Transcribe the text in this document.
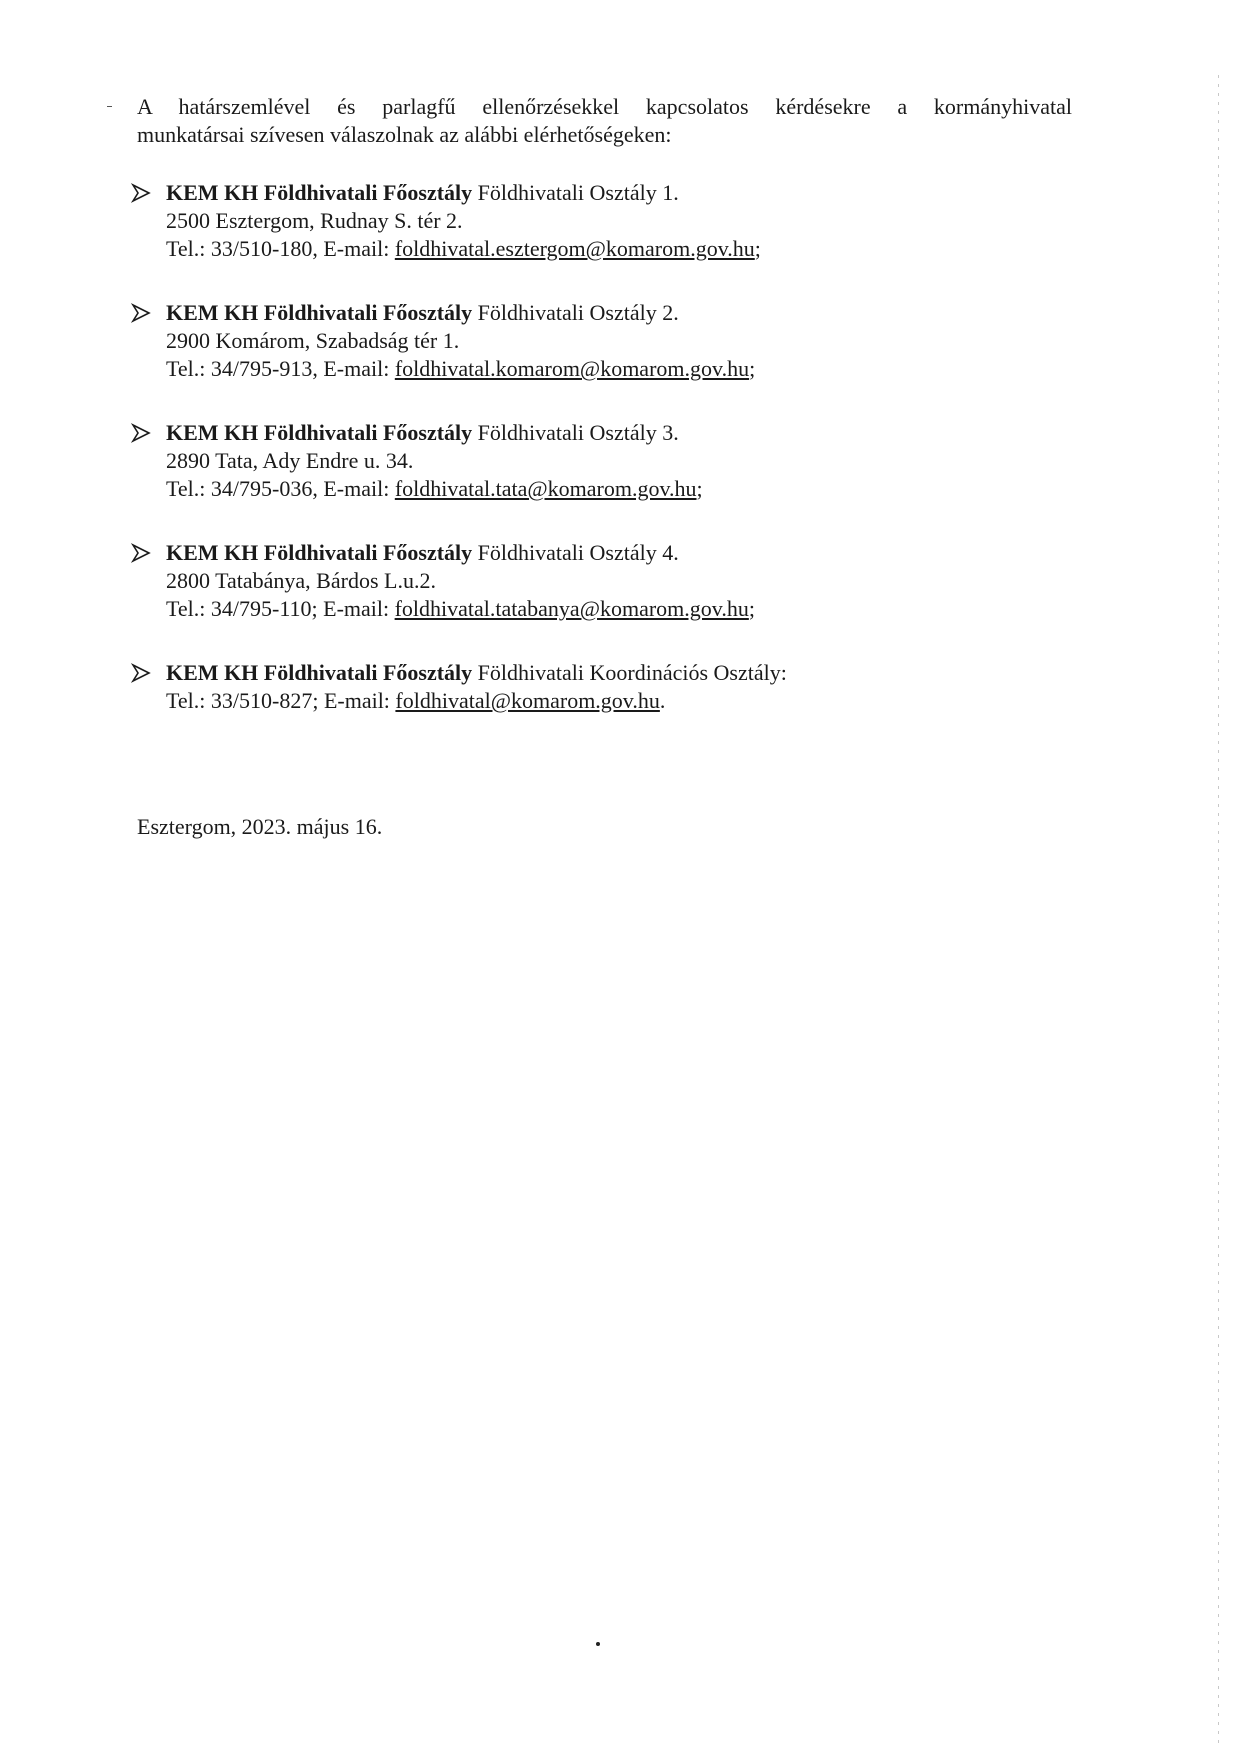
A határszemlével és parlagfű ellenőrzésekkel kapcsolatos kérdésekre a kormányhivatal
munkatársai szívesen válaszolnak az alábbi elérhetőségeken:
KEM KH Földhivatali Főosztály Földhivatali Osztály 1.
2500 Esztergom, Rudnay S. tér 2.
Tel.: 33/510-180, E-mail: foldhivatal.esztergom@komarom.gov.hu;
KEM KH Földhivatali Főosztály Földhivatali Osztály 2.
2900 Komárom, Szabadság tér 1.
Tel.: 34/795-913, E-mail: foldhivatal.komarom@komarom.gov.hu;
KEM KH Földhivatali Főosztály Földhivatali Osztály 3.
2890 Tata, Ady Endre u. 34.
Tel.: 34/795-036, E-mail: foldhivatal.tata@komarom.gov.hu;
KEM KH Földhivatali Főosztály Földhivatali Osztály 4.
2800 Tatabánya, Bárdos L.u.2.
Tel.: 34/795-110; E-mail: foldhivatal.tatabanya@komarom.gov.hu;
KEM KH Földhivatali Főosztály Földhivatali Koordinációs Osztály:
Tel.: 33/510-827; E-mail: foldhivatal@komarom.gov.hu.
Esztergom, 2023. május 16.
